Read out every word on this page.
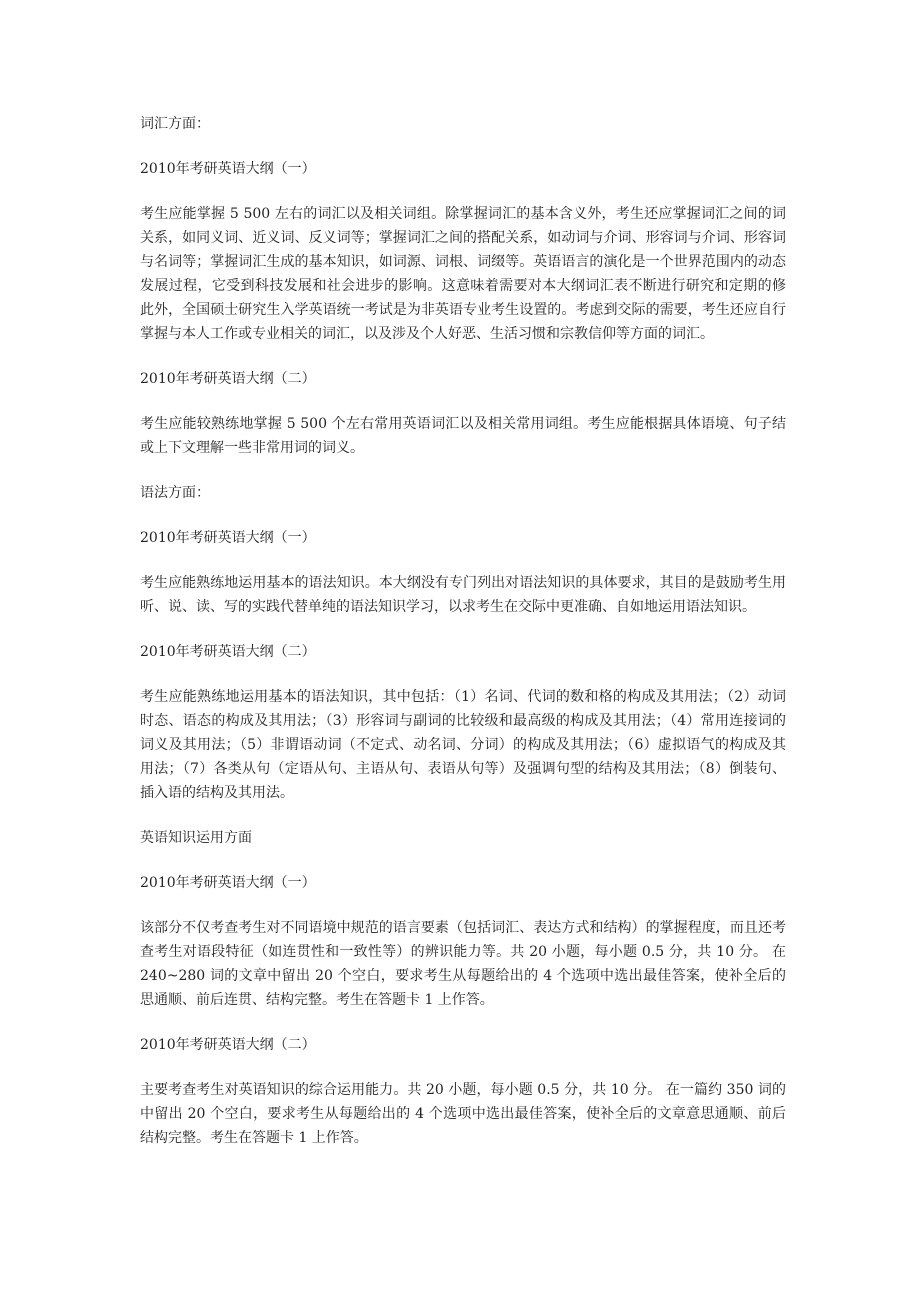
词汇方面：
2010年考研英语大纲（一）
考生应能掌握 5 500 左右的词汇以及相关词组。除掌握词汇的基本含义外，考生还应掌握词汇之间的词
关系，如同义词、近义词、反义词等；掌握词汇之间的搭配关系，如动词与介词、形容词与介词、形容词
与名词等；掌握词汇生成的基本知识，如词源、词根、词缀等。英语语言的演化是一个世界范围内的动态
发展过程，它受到科技发展和社会进步的影响。这意味着需要对本大纲词汇表不断进行研究和定期的修
此外，全国硕士研究生入学英语统一考试是为非英语专业考生设置的。考虑到交际的需要，考生还应自行
掌握与本人工作或专业相关的词汇，以及涉及个人好恶、生活习惯和宗教信仰等方面的词汇。
2010年考研英语大纲（二）
考生应能较熟练地掌握 5 500 个左右常用英语词汇以及相关常用词组。考生应能根据具体语境、句子结
或上下文理解一些非常用词的词义。
语法方面：
2010年考研英语大纲（一）
考生应能熟练地运用基本的语法知识。本大纲没有专门列出对语法知识的具体要求，其目的是鼓励考生用
听、说、读、写的实践代替单纯的语法知识学习，以求考生在交际中更准确、自如地运用语法知识。
2010年考研英语大纲（二）
考生应能熟练地运用基本的语法知识，其中包括：（1）名词、代词的数和格的构成及其用法；（2）动词
时态、语态的构成及其用法；（3）形容词与副词的比较级和最高级的构成及其用法；（4）常用连接词的
词义及其用法；（5）非谓语动词（不定式、动名词、分词）的构成及其用法；（6）虚拟语气的构成及其
用法；（7）各类从句（定语从句、主语从句、表语从句等）及强调句型的结构及其用法；（8）倒装句、
插入语的结构及其用法。
英语知识运用方面
2010年考研英语大纲（一）
该部分不仅考查考生对不同语境中规范的语言要素（包括词汇、表达方式和结构）的掌握程度，而且还考
查考生对语段特征（如连贯性和一致性等）的辨识能力等。共 20 小题，每小题 0.5 分，共 10 分。 在
240~280 词的文章中留出 20 个空白，要求考生从每题给出的 4 个选项中选出最佳答案，使补全后的
思通顺、前后连贯、结构完整。考生在答题卡 1 上作答。
2010年考研英语大纲（二）
主要考查考生对英语知识的综合运用能力。共 20 小题，每小题 0.5 分，共 10 分。 在一篇约 350 词的
中留出 20 个空白，要求考生从每题给出的 4 个选项中选出最佳答案，使补全后的文章意思通顺、前后
结构完整。考生在答题卡 1 上作答。
